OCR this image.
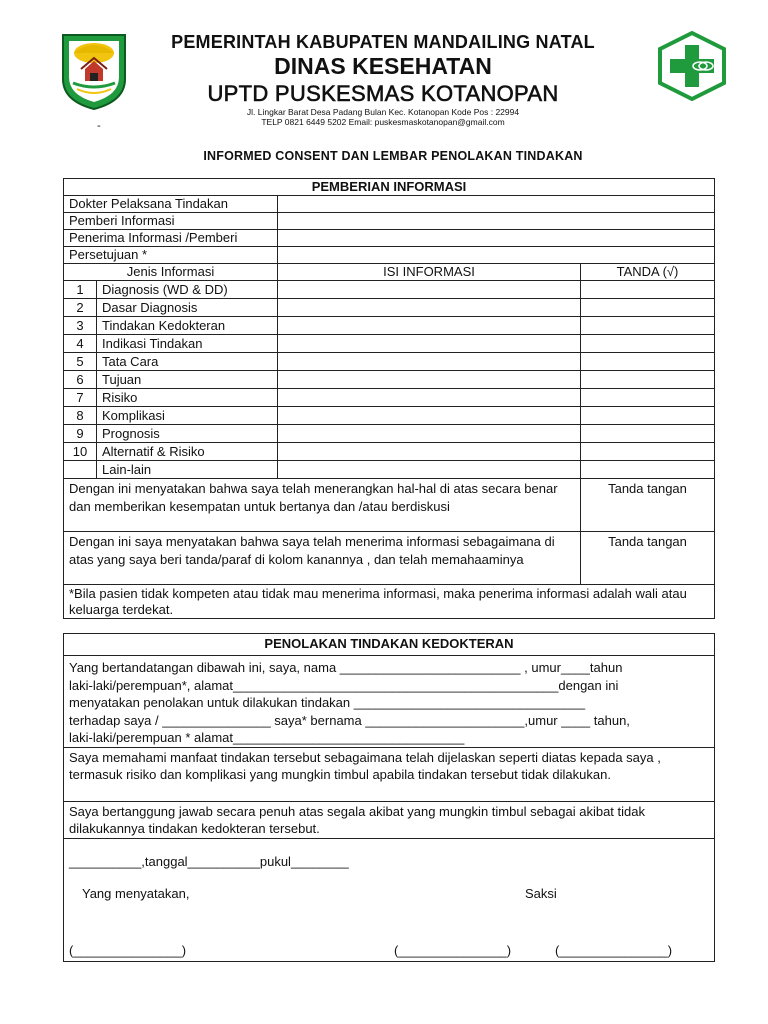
-
PEMERINTAH KABUPATEN MANDAILING NATAL
DINAS KESEHATAN
UPTD PUSKESMAS KOTANOPAN
Jl. Lingkar Barat Desa Padang Bulan Kec. Kotanopan Kode Pos : 22994
TELP 0821 6449 5202 Email: puskesmaskotanopan@gmail.com
INFORMED CONSENT DAN LEMBAR PENOLAKAN TINDAKAN
PEMBERIAN INFORMASI			
Dokter Pelaksana Tindakan			
Pemberi Informasi			
Penerima Informasi /Pemberi			
Persetujuan *			
Jenis Informasi		ISI INFORMASI	TANDA (√)
1	Diagnosis (WD & DD)		
2	Dasar Diagnosis		
3	Tindakan Kedokteran		
4	Indikasi Tindakan		
5	Tata Cara		
6	Tujuan		
7	Risiko		
8	Komplikasi		
9	Prognosis		
10	Alternatif & Risiko		
	Lain-lain		
Dengan ini menyatakan bahwa saya telah menerangkan hal-hal di atas secara benar dan memberikan kesempatan untuk bertanya dan /atau berdiskusi			Tanda tangan
Dengan ini saya menyatakan bahwa saya telah menerima informasi sebagaimana di atas yang saya beri tanda/paraf di kolom kanannya , dan telah memahaaminya			Tanda tangan
*Bila pasien tidak kompeten atau tidak mau menerima informasi, maka penerima informasi adalah wali atau keluarga terdekat.			
PENOLAKAN TINDAKAN KEDOKTERAN

Yang bertandatangan dibawah ini, saya, nama _________________________ , umur____tahun
laki-laki/perempuan*, alamat_____________________________________________dengan ini
menyatakan penolakan untuk dilakukan tindakan ________________________________
terhadap saya / _______________ saya* bernama ______________________,umur ____ tahun,
laki-laki/perempuan * alamat________________________________

Saya memahami manfaat tindakan tersebut sebagaimana telah dijelaskan seperti diatas kepada saya , termasuk risiko dan komplikasi yang mungkin timbul apabila tindakan tersebut tidak dilakukan.
Saya bertanggung jawab secara penuh atas segala akibat yang mungkin timbul sebagai akibat tidak dilakukannya tindakan kedokteran tersebut.

__________,tanggal__________pukul________
Yang menyatakan,	Saksi
(_______________)	(_______________)	(_______________)
